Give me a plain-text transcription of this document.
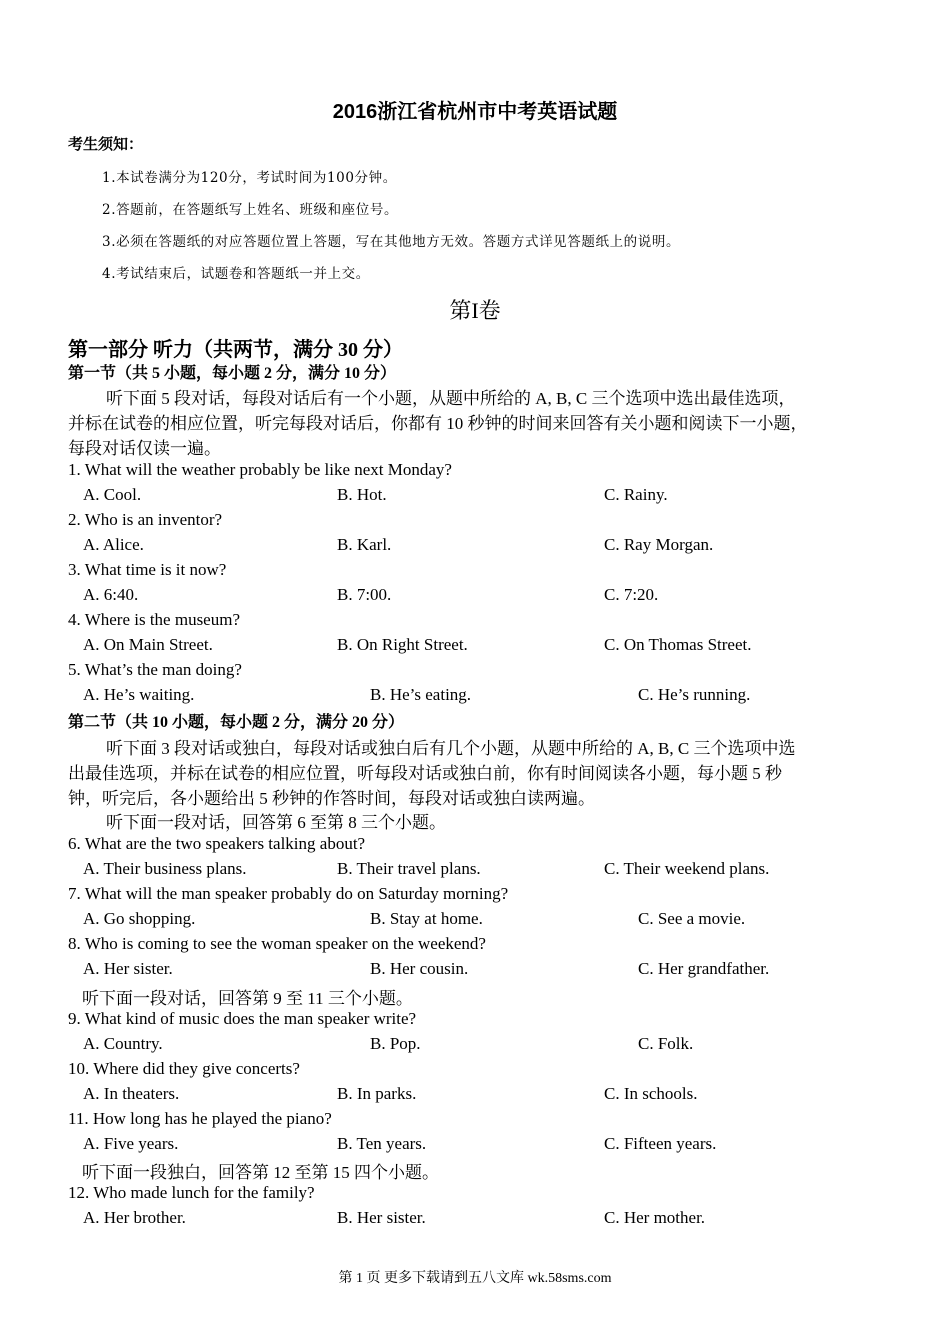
2016浙江省杭州市中考英语试题
考生须知：
1.本试卷满分为120分，考试时间为100分钟。
2.答题前，在答题纸写上姓名、班级和座位号。
3.必须在答题纸的对应答题位置上答题，写在其他地方无效。答题方式详见答题纸上的说明。
4.考试结束后，试题卷和答题纸一并上交。
第I卷
第一部分 听力（共两节，满分 30 分）
第一节（共 5 小题，每小题 2 分，满分 10 分）
听下面 5 段对话，每段对话后有一个小题，从题中所给的 A, B, C 三个选项中选出最佳选项，
并标在试卷的相应位置，听完每段对话后，你都有 10 秒钟的时间来回答有关小题和阅读下一小题，
每段对话仅读一遍。
1. What will the weather probably be like next Monday?
A. Cool.	B. Hot.	C. Rainy.
2. Who is an inventor?
A. Alice.	B. Karl.	C. Ray Morgan.
3. What time is it now?
A. 6:40.	B. 7:00.	C. 7:20.
4. Where is the museum?
A. On Main Street.	B. On Right Street.	C. On Thomas Street.
5. What’s the man doing?
A. He’s waiting.	B. He’s eating.	C. He’s running.
第二节（共 10 小题，每小题 2 分，满分 20 分）
听下面 3 段对话或独白，每段对话或独白后有几个小题，从题中所给的 A, B, C 三个选项中选
出最佳选项，并标在试卷的相应位置，听每段对话或独白前，你有时间阅读各小题，每小题 5 秒
钟，听完后，各小题给出 5 秒钟的作答时间，每段对话或独白读两遍。
听下面一段对话，回答第 6 至第 8 三个小题。
6. What are the two speakers talking about?
A. Their business plans.	B. Their travel plans.	C. Their weekend plans.
7. What will the man speaker probably do on Saturday morning?
A. Go shopping.	B. Stay at home.	C. See a movie.
8. Who is coming to see the woman speaker on the weekend?
A. Her sister.	B. Her cousin.	C. Her grandfather.
听下面一段对话，回答第 9 至 11 三个小题。
9. What kind of music does the man speaker write?
A. Country.	B. Pop.	C. Folk.
10. Where did they give concerts?
A. In theaters.	B. In parks.	C. In schools.
11. How long has he played the piano?
A. Five years.	B. Ten years.	C. Fifteen years.
听下面一段独白，回答第 12 至第 15 四个小题。
12. Who made lunch for the family?
A. Her brother.	B. Her sister.	C. Her mother.
第 1 页 更多下载请到五八文库 wk.58sms.com
